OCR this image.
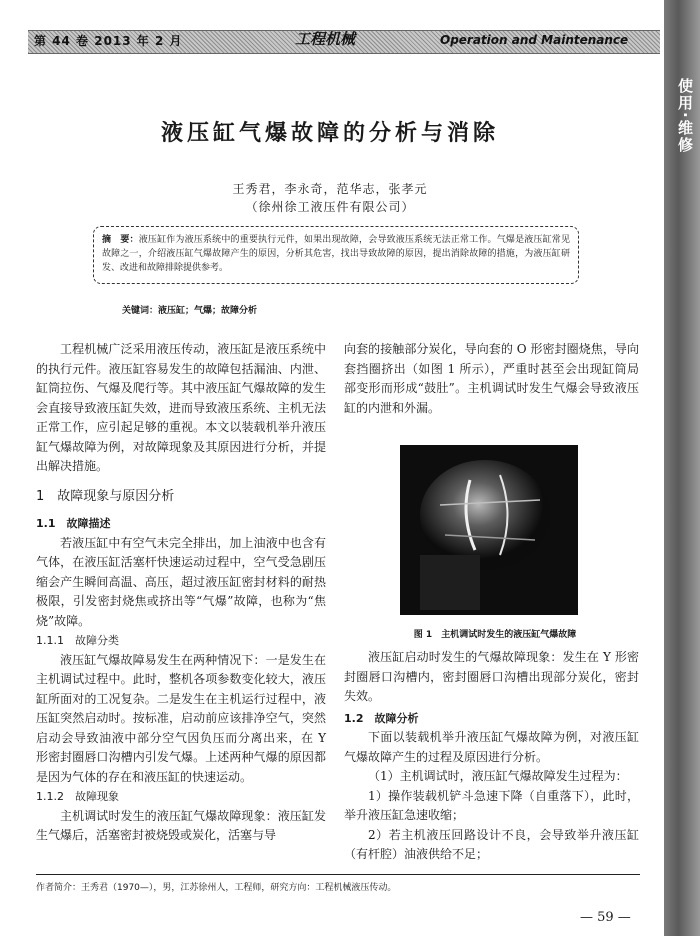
第 44 卷 2013 年 2 月	工程机械	Operation and Maintenance
使用·维修
液压缸气爆故障的分析与消除
王秀君，李永奇，范华志，张孝元
（徐州徐工液压件有限公司）
摘　要：液压缸作为液压系统中的重要执行元件，如果出现故障，会导致液压系统无法正常工作。气爆是液压缸常见故障之一，介绍液压缸气爆故障产生的原因，分析其危害，找出导致故障的原因，提出消除故障的措施，为液压缸研发、改进和故障排除提供参考。
关键词：液压缸；气爆；故障分析

工程机械广泛采用液压传动，液压缸是液压系统中的执行元件。液压缸容易发生的故障包括漏油、内泄、缸筒拉伤、气爆及爬行等。其中液压缸气爆故障的发生会直接导致液压缸失效，进而导致液压系统、主机无法正常工作，应引起足够的重视。本文以装载机举升液压缸气爆故障为例，对故障现象及其原因进行分析，并提出解决措施。

1　故障现象与原因分析
1.1　故障描述

若液压缸中有空气未完全排出，加上油液中也含有气体，在液压缸活塞杆快速运动过程中，空气受急剧压缩会产生瞬间高温、高压，超过液压缸密封材料的耐热极限，引发密封烧焦或挤出等“气爆”故障，也称为“焦烧”故障。

1.1.1　故障分类

液压缸气爆故障易发生在两种情况下：一是发生在主机调试过程中。此时，整机各项参数变化较大，液压缸所面对的工况复杂。二是发生在主机运行过程中，液压缸突然启动时。按标准，启动前应该排净空气，突然启动会导致油液中部分空气因负压而分离出来，在 Y 形密封圈唇口沟槽内引发气爆。上述两种气爆的原因都是因为气体的存在和液压缸的快速运动。

1.1.2　故障现象

主机调试时发生的液压缸气爆故障现象：液压缸发生气爆后，活塞密封被烧毁或炭化，活塞与导

向套的接触部分炭化，导向套的 O 形密封圈烧焦，导向套挡圈挤出（如图 1 所示），严重时甚至会出现缸筒局部变形而形成“鼓肚”。主机调试时发生气爆会导致液压缸的内泄和外漏。

图 1　主机调试时发生的液压缸气爆故障

液压缸启动时发生的气爆故障现象：发生在 Y 形密封圈唇口沟槽内，密封圈唇口沟槽出现部分炭化，密封失效。

1.2　故障分析

下面以装载机举升液压缸气爆故障为例，对液压缸气爆故障产生的过程及原因进行分析。

（1）主机调试时，液压缸气爆故障发生过程为：

1）操作装载机铲斗急速下降（自重落下），此时，举升液压缸急速收缩；

2）若主机液压回路设计不良，会导致举升液压缸（有杆腔）油液供给不足；

作者简介：王秀君（1970—），男，江苏徐州人，工程师，研究方向：工程机械液压传动。
— 59 —
